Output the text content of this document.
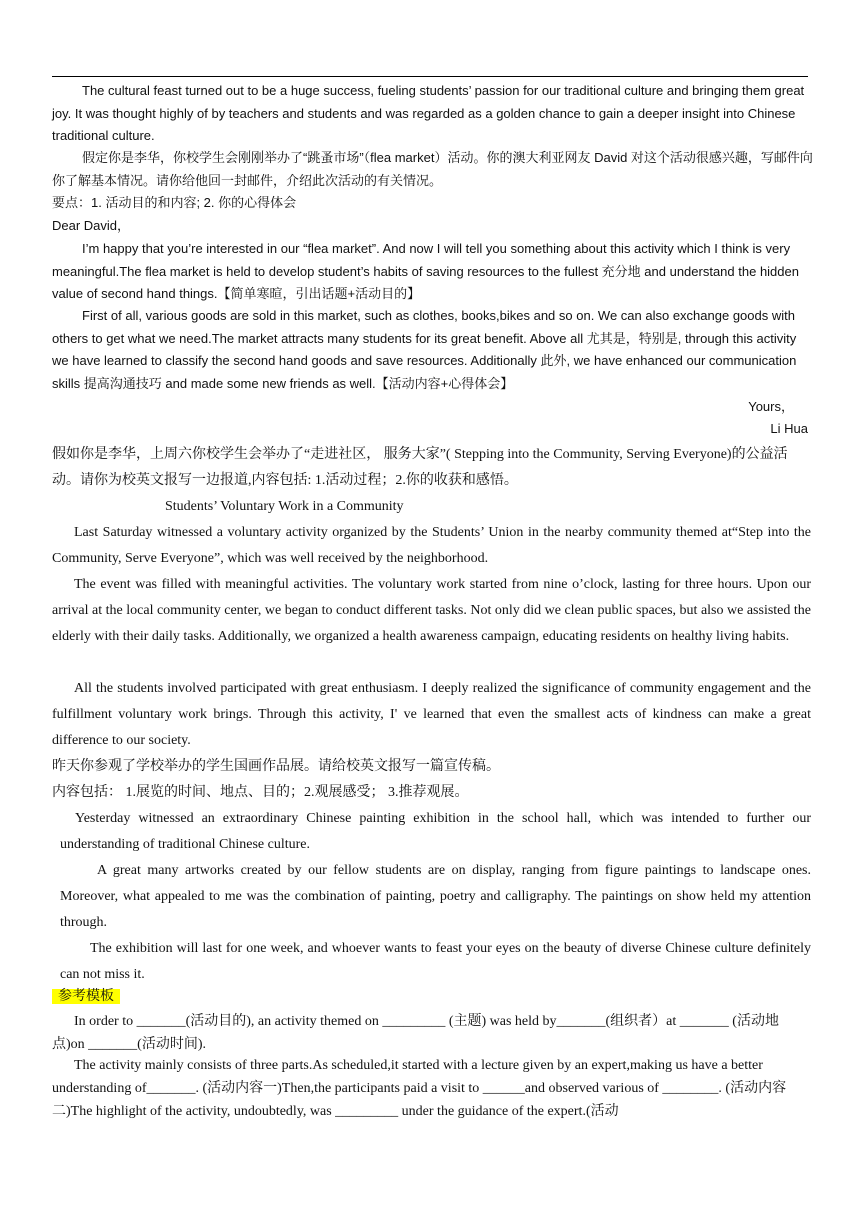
The cultural feast turned out to be a huge success, fueling students’ passion for our traditional culture and bringing them great joy. It was thought highly of by teachers and students and was regarded as a golden chance to gain a deeper insight into Chinese traditional culture.

假定你是李华，你校学生会刚刚举办了“跳蚤市场”（flea market）活动。你的澳大利亚网友 David 对这个活动很感兴趣，写邮件向你了解基本情况。请你给他回一封邮件，介绍此次活动的有关情况。

要点：1. 活动目的和内容; 2. 你的心得体会

Dear David，

I’m happy that you’re interested in our “flea market”. And now I will tell you something about this activity which I think is very meaningful.The flea market is held to develop student’s habits of saving resources to the fullest 充分地 and understand the hidden value of second hand things.【简单寒暄，引出话题+活动目的】

First of all, various goods are sold in this market, such as clothes, books,bikes and so on. We can also exchange goods with others to get what we need.The market attracts many students for its great benefit. Above all 尤其是，特别是, through this activity we have learned to classify the second hand goods and save resources. Additionally 此外, we have enhanced our communication skills 提高沟通技巧 and made some new friends as well.【活动内容+心得体会】

Yours，

Li Hua

假如你是李华，上周六你校学生会举办了“走进社区， 服务大家”( Stepping into the Community, Serving Everyone)的公益活动。请你为校英文报写一边报道,内容包括: 1.活动过程；2.你的收获和感悟。

Students’ Voluntary Work in a Community

Last Saturday witnessed a voluntary activity organized by the Students’ Union in the nearby community themed at“Step into the Community, Serve Everyone”, which was well received by the neighborhood.

The event was filled with meaningful activities. The voluntary work started from nine o’clock, lasting for three hours. Upon our arrival at the local community center, we began to conduct different tasks. Not only did we clean public spaces, but also we assisted the elderly with their daily tasks. Additionally, we organized a health awareness campaign, educating residents on healthy living habits.

All the students involved participated with great enthusiasm. I deeply realized the significance of community engagement and the fulfillment voluntary work brings. Through this activity, I' ve learned that even the smallest acts of kindness can make a great difference to our society.

昨天你参观了学校举办的学生国画作品展。请给校英文报写一篇宣传稿。

内容包括： 1.展览的时间、地点、目的；2.观展感受； 3.推荐观展。

Yesterday witnessed an extraordinary Chinese painting exhibition in the school hall, which was intended to further our understanding of traditional Chinese culture.

A great many artworks created by our fellow students are on display, ranging from figure paintings to landscape ones. Moreover, what appealed to me was the combination of painting, poetry and calligraphy. The paintings on show held my attention through.

The exhibition will last for one week, and whoever wants to feast your eyes on the beauty of diverse Chinese culture definitely can not miss it.

参考模板

In order to _______(活动目的), an activity themed on _________ (主题) was held by_______(组织者）at _______ (活动地点)on _______(活动时间).

The activity mainly consists of three parts.As scheduled,it started with a lecture given by an expert,making us have a better understanding of_______. (活动内容一)Then,the participants paid a visit to ______and observed various of ________. (活动内容二)The highlight of the activity, undoubtedly, was _________ under the guidance of the expert.(活动
